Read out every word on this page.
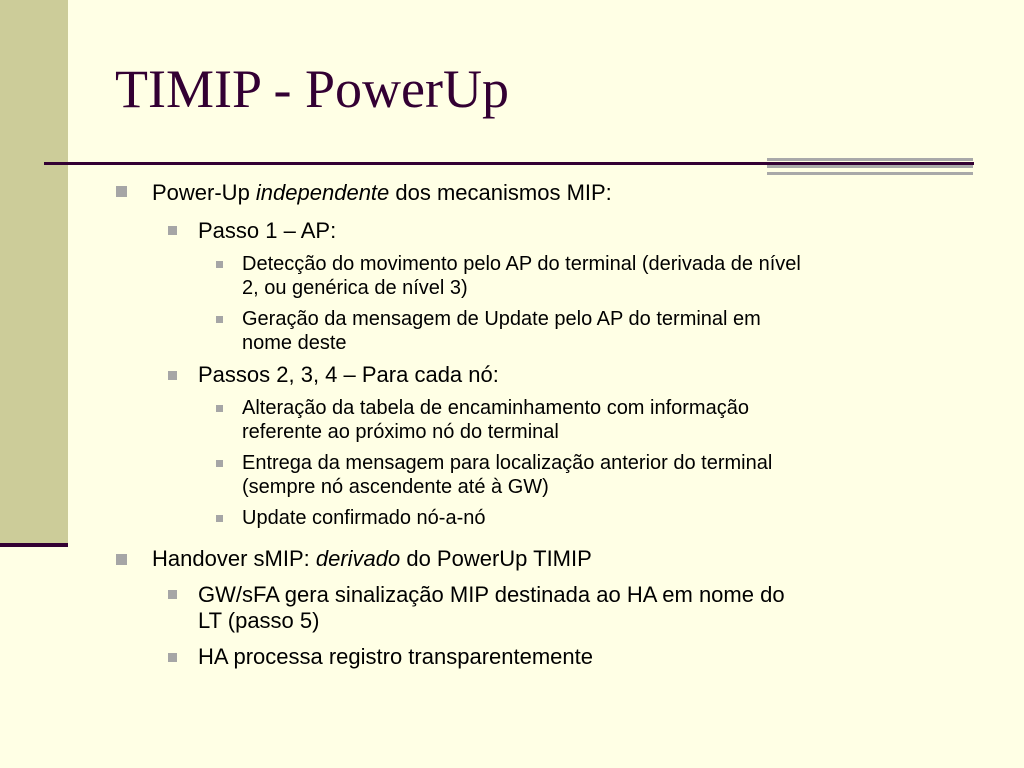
TIMIP - PowerUp
Power-Up independente dos mecanismos MIP:
Passo 1 – AP:
Detecção do movimento pelo AP do terminal (derivada de nível
2, ou genérica de nível 3)
Geração da mensagem de Update pelo AP do terminal em
nome deste
Passos 2, 3, 4 – Para cada nó:
Alteração da tabela de encaminhamento com informação
referente ao próximo nó do terminal
Entrega da mensagem para localização anterior do terminal
(sempre nó ascendente até à GW)
Update confirmado nó-a-nó
Handover sMIP: derivado do PowerUp TIMIP
GW/sFA gera sinalização MIP destinada ao HA em nome do
LT (passo 5)
HA processa registro transparentemente
